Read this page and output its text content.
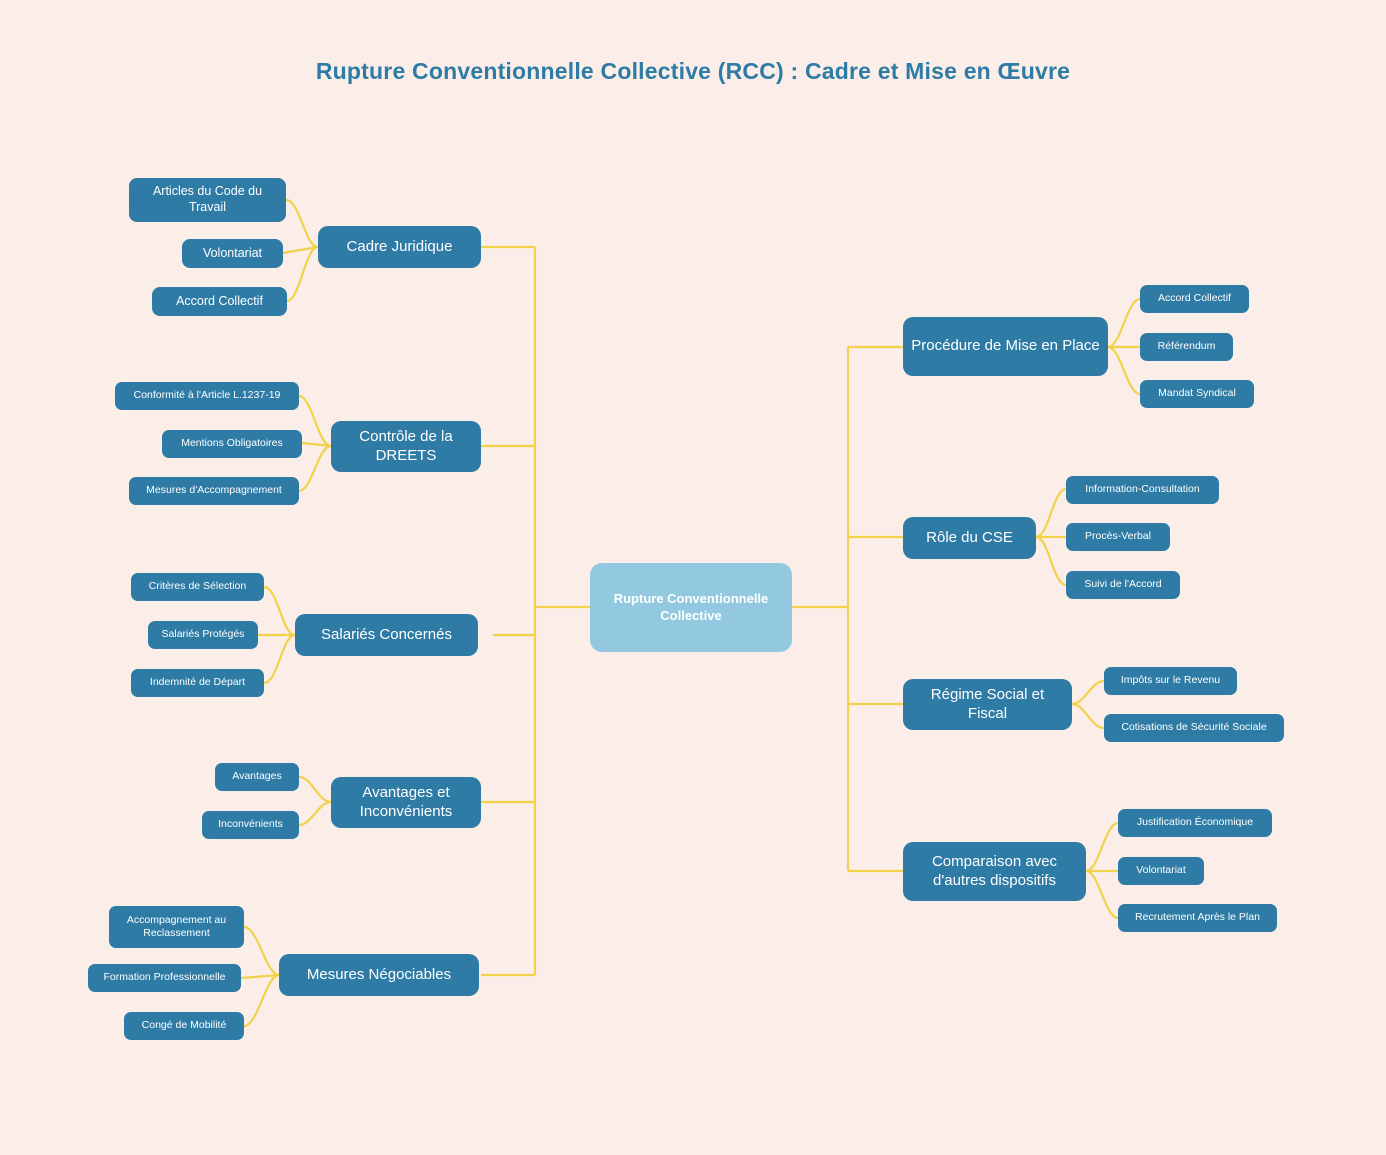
Rupture Conventionnelle Collective (RCC) : Cadre et Mise en Œuvre
Rupture Conventionnelle Collective
Cadre Juridique
Articles du Code du Travail
Volontariat
Accord Collectif
Contrôle de la DREETS
Conformité à l'Article L.1237-19
Mentions Obligatoires
Mesures d'Accompagnement
Salariés Concernés
Critères de Sélection
Salariés Protégés
Indemnité de Départ
Avantages et Inconvénients
Avantages
Inconvénients
Mesures Négociables
Accompagnement au Reclassement
Formation Professionnelle
Congé de Mobilité
Procédure de Mise en Place
Accord Collectif
Référendum
Mandat Syndical
Rôle du CSE
Information-Consultation
Procès-Verbal
Suivi de l'Accord
Régime Social et Fiscal
Impôts sur le Revenu
Cotisations de Sécurité Sociale
Comparaison avec d'autres dispositifs
Justification Économique
Volontariat
Recrutement Après le Plan
